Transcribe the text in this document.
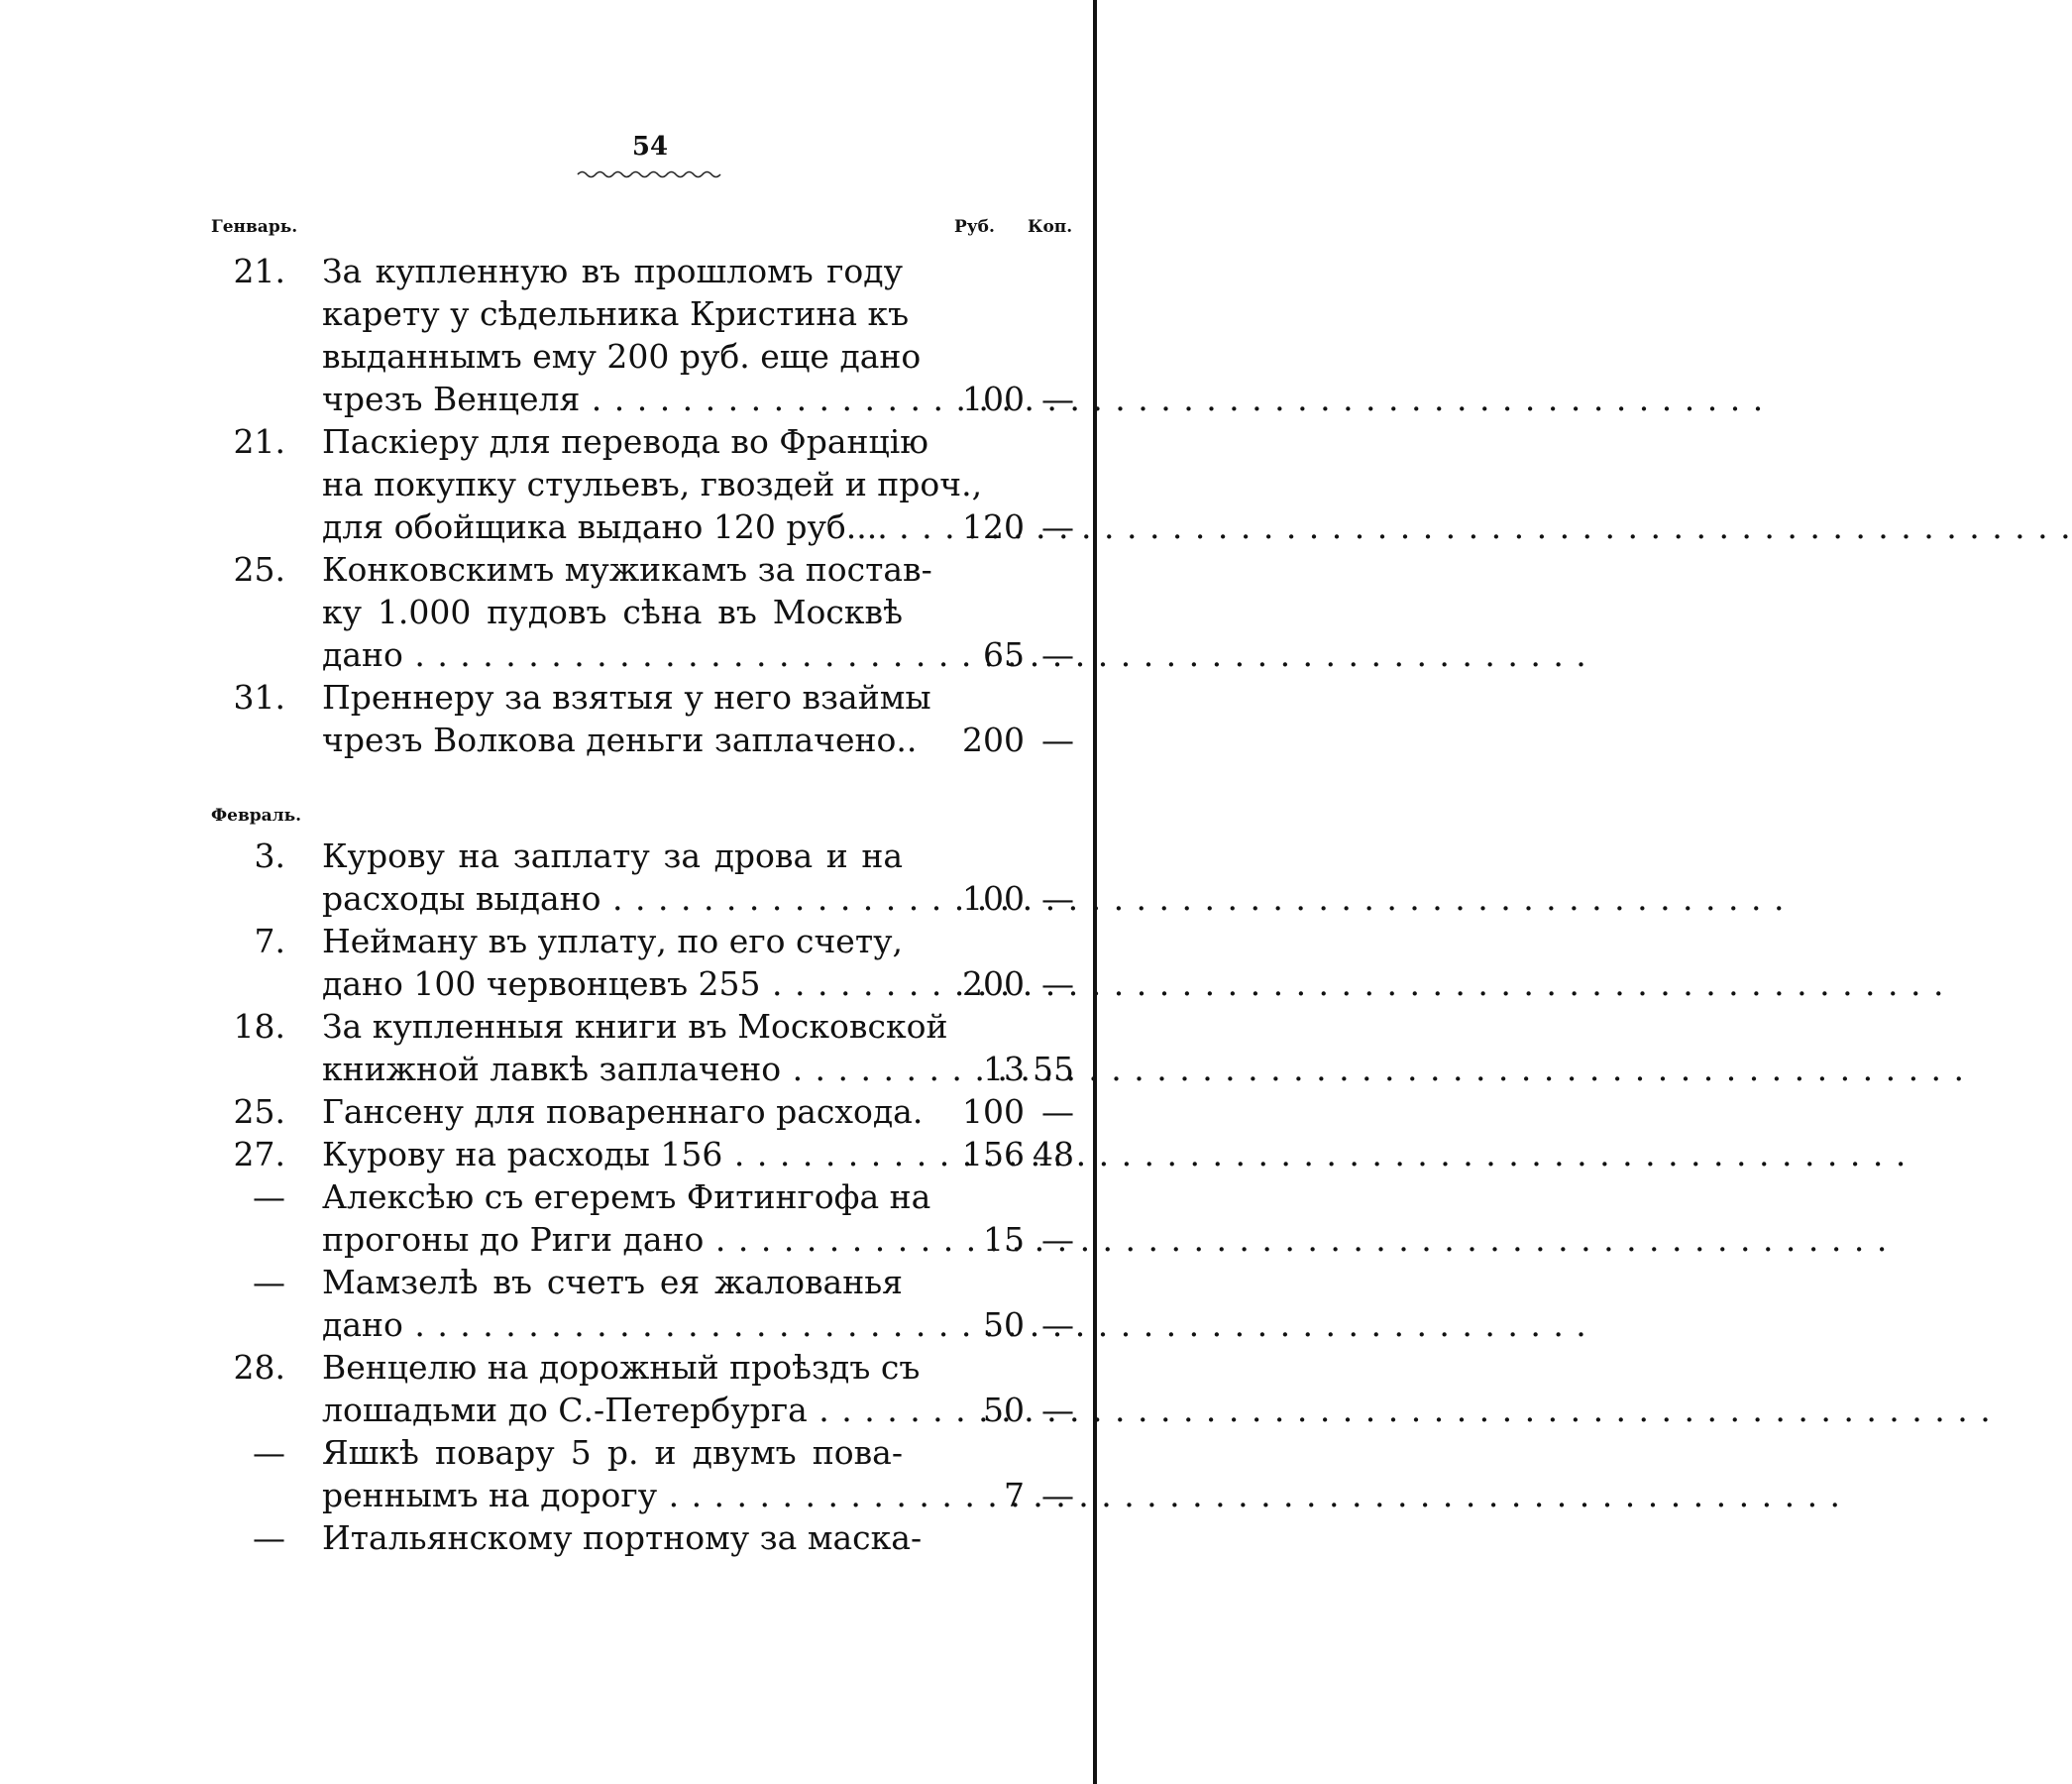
54
Генварь.	Руб. Коп.
21. За купленную въ прошломъ году
карету у сѣдельника Кристина къ
выданнымъ ему 200 руб. еще дано
чрезъ Венцеля . . .	100 —
21. Паскіеру для перевода во Францію
на покупку стульевъ, гвоздей и проч.,
для обойщика выдано 120 руб.... . . .	120 —
25. Конковскимъ мужикамъ за постав-
ку 1.000 пудовъ сѣна въ Москвѣ
дано . . .	65 —
31. Преннеру за взятыя у него взаймы
чрезъ Волкова деньги заплачено..	200 —
Февраль.
3. Курову на заплату за дрова и на
расходы выдано . . .	100 —
7. Нейману въ уплату, по его счету,
дано 100 червонцевъ 255 . . .	200 —
18. За купленныя книги въ Московской
книжной лавкѣ заплачено . . .	13 55
25. Гансену для повареннаго расхода.	100 —
27. Курову на расходы 156 . . .	156 48
— Алексѣю съ егеремъ Фитингофа на
прогоны до Риги дано . . .	15 —
— Мамзелѣ въ счетъ ея жалованья
дано . . .	50 —
28. Венцелю на дорожный проѣздъ съ
лошадьми до С.-Петербурга . . .	50 —
— Яшкѣ повару 5 р. и двумъ пова-
реннымъ на дорогу . . .	7 —
— Итальянскому портному за маска-
